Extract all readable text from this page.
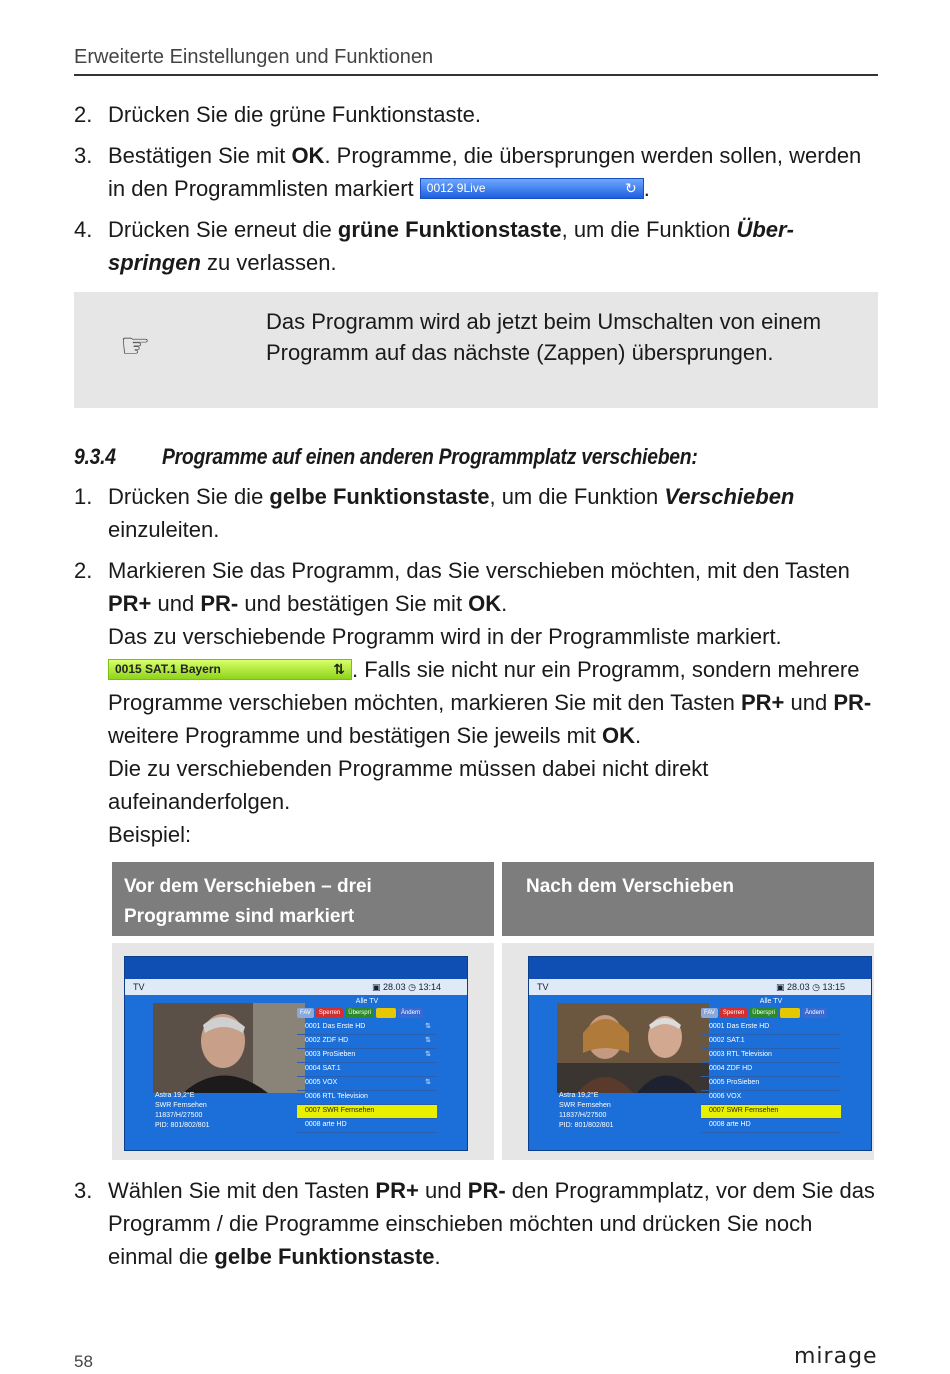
Erweiterte Einstellungen und Funktionen
2. Drücken Sie die grüne Funktionstaste.
3. Bestätigen Sie mit OK. Programme, die übersprungen werden sollen, werden in den Programmlisten markiert 0012 9Live	↻ .
4. Drücken Sie erneut die grüne Funktionstaste, um die Funktion Über-springen zu verlassen.
☞
Das Programm wird ab jetzt beim Umschalten von einem Programm auf das nächste (Zappen) übersprungen.
9.3.4 Programme auf einen anderen Programmplatz verschieben:
1. Drücken Sie die gelbe Funktionstaste, um die Funktion Verschieben einzuleiten.
2. Markieren Sie das Programm, das Sie verschieben möchten, mit den Tasten PR+ und PR- und bestätigen Sie mit OK.
Das zu verschiebende Programm wird in der Programmliste markiert.
0015 SAT.1 Bayern	⇅ . Falls sie nicht nur ein Programm, sondern mehrere Programme verschieben möchten, markieren Sie mit den Tasten PR+ und PR- weitere Programme und bestätigen Sie jeweils mit OK.
Die zu verschiebenden Programme müssen dabei nicht direkt aufeinanderfolgen.
Beispiel:
Vor dem Verschieben – drei Programme sind markiert
Nach dem Verschieben
TV	▣ 28.03 ◷ 13:14
Astra 19,2°E
SWR Fernsehen
11837/H/27500
PID: 801/802/801
Alle TV
FAV	Sperren	Überspri	Ändern
0001 Das Erste HD	⇅
0002 ZDF HD	⇅
0003 ProSieben	⇅
0004 SAT.1
0005 VOX	⇅
0006 RTL Television
0007 SWR Fernsehen
0008 arte HD
TV	▣ 28.03 ◷ 13:15
Astra 19,2°E
SWR Fernsehen
11837/H/27500
PID: 801/802/801
Alle TV
FAV	Sperren	Überspri	Ändern
0001 Das Erste HD
0002 SAT.1
0003 RTL Television
0004 ZDF HD
0005 ProSieben
0006 VOX
0007 SWR Fernsehen
0008 arte HD
3. Wählen Sie mit den Tasten PR+ und PR- den Programmplatz, vor dem Sie das Programm / die Programme einschieben möchten und drücken Sie noch einmal die gelbe Funktionstaste.
58	mirage
